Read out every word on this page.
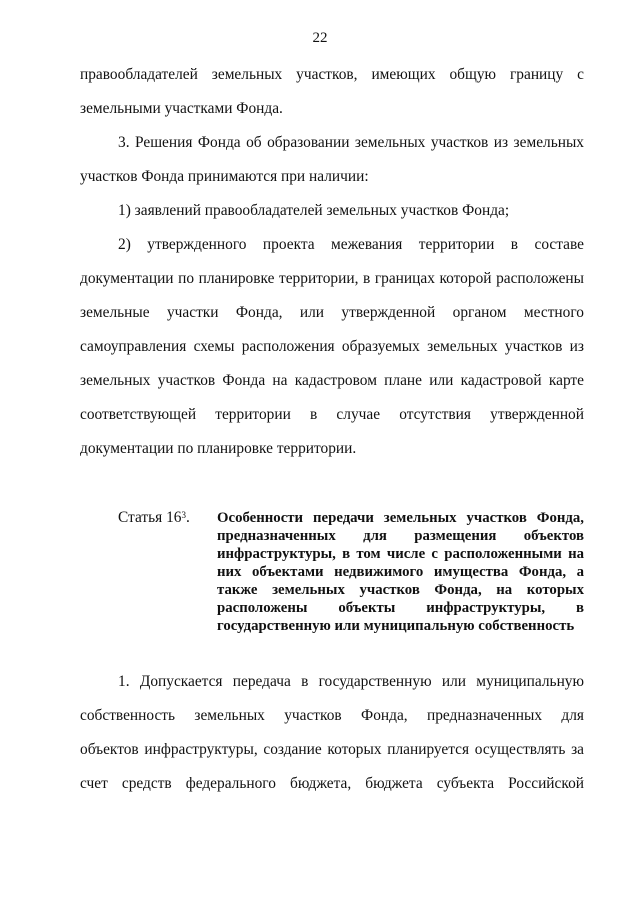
22
правообладателей земельных участков, имеющих общую границу с
земельными участками Фонда.
3. Решения Фонда об образовании земельных участков из земельных
участков Фонда принимаются при наличии:
1) заявлений правообладателей земельных участков Фонда;
2) утвержденного проекта межевания территории в составе
документации по планировке территории, в границах которой расположены
земельные участки Фонда, или утвержденной органом местного
самоуправления схемы расположения образуемых земельных участков из
земельных участков Фонда на кадастровом плане или кадастровой карте
соответствующей территории в случае отсутствия утвержденной
документации по планировке территории.
Статья $16^3$. Особенности передачи земельных участков Фонда,
предназначенных для размещения объектов
инфраструктуры, в том числе с расположенными на
них объектами недвижимого имущества Фонда, а
также земельных участков Фонда, на которых
расположены объекты инфраструктуры, в
государственную или муниципальную собственность
1. Допускается передача в государственную или муниципальную
собственность земельных участков Фонда, предназначенных для
объектов инфраструктуры, создание которых планируется осуществлять за
счет средств федерального бюджета, бюджета субъекта Российской
